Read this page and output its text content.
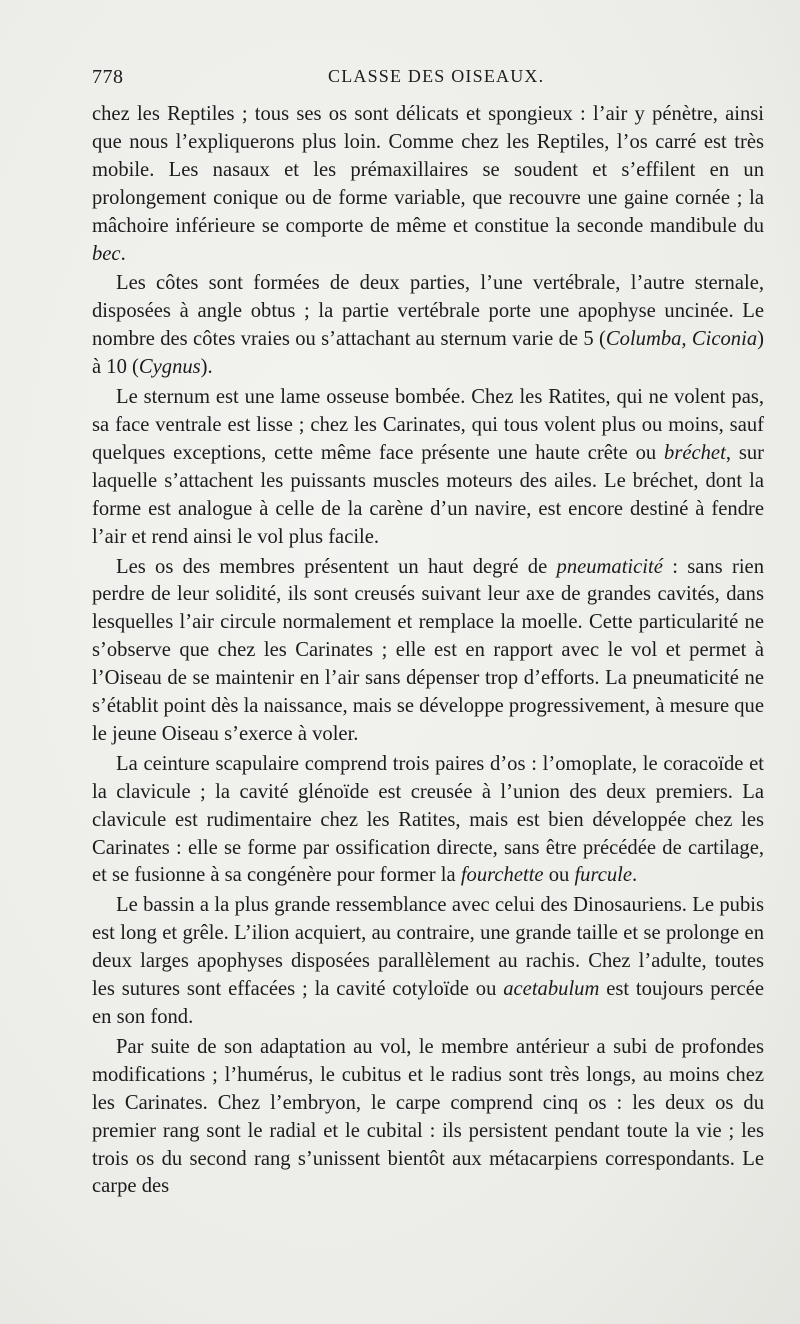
778	CLASSE DES OISEAUX.

chez les Reptiles ; tous ses os sont délicats et spongieux : l’air y pénètre, ainsi que nous l’expliquerons plus loin. Comme chez les Reptiles, l’os carré est très mobile. Les nasaux et les prémaxillaires se soudent et s’effilent en un prolongement conique ou de forme variable, que recouvre une gaine cornée ; la mâchoire inférieure se comporte de même et constitue la seconde mandibule du bec.

Les côtes sont formées de deux parties, l’une vertébrale, l’autre sternale, disposées à angle obtus ; la partie vertébrale porte une apophyse uncinée. Le nombre des côtes vraies ou s’attachant au sternum varie de 5 (Columba, Ciconia) à 10 (Cygnus).

Le sternum est une lame osseuse bombée. Chez les Ratites, qui ne volent pas, sa face ventrale est lisse ; chez les Carinates, qui tous volent plus ou moins, sauf quelques exceptions, cette même face présente une haute crête ou bréchet, sur laquelle s’attachent les puissants muscles moteurs des ailes. Le bréchet, dont la forme est analogue à celle de la carène d’un navire, est encore destiné à fendre l’air et rend ainsi le vol plus facile.

Les os des membres présentent un haut degré de pneumaticité : sans rien perdre de leur solidité, ils sont creusés suivant leur axe de grandes cavités, dans lesquelles l’air circule normalement et remplace la moelle. Cette particularité ne s’observe que chez les Carinates ; elle est en rapport avec le vol et permet à l’Oiseau de se maintenir en l’air sans dépenser trop d’efforts. La pneumaticité ne s’établit point dès la naissance, mais se développe progressivement, à mesure que le jeune Oiseau s’exerce à voler.

La ceinture scapulaire comprend trois paires d’os : l’omoplate, le coracoïde et la clavicule ; la cavité glénoïde est creusée à l’union des deux premiers. La clavicule est rudimentaire chez les Ratites, mais est bien développée chez les Carinates : elle se forme par ossification directe, sans être précédée de cartilage, et se fusionne à sa congénère pour former la fourchette ou furcule.

Le bassin a la plus grande ressemblance avec celui des Dinosauriens. Le pubis est long et grêle. L’ilion acquiert, au contraire, une grande taille et se prolonge en deux larges apophyses disposées parallèlement au rachis. Chez l’adulte, toutes les sutures sont effacées ; la cavité cotyloïde ou acetabulum est toujours percée en son fond.

Par suite de son adaptation au vol, le membre antérieur a subi de profondes modifications ; l’humérus, le cubitus et le radius sont très longs, au moins chez les Carinates. Chez l’embryon, le carpe comprend cinq os : les deux os du premier rang sont le radial et le cubital : ils persistent pendant toute la vie ; les trois os du second rang s’unissent bientôt aux métacarpiens correspondants. Le carpe des
